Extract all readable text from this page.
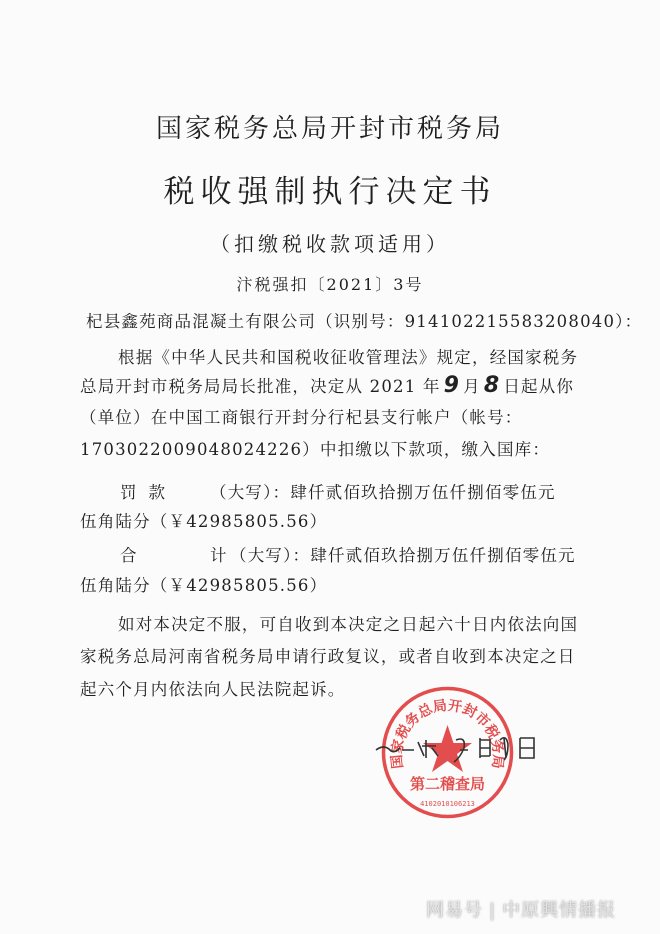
国家税务总局开封市税务局
税收强制执行决定书
（扣缴税收款项适用）
汴税强扣〔2021〕3号
杞县鑫苑商品混凝土有限公司（识别号：914102215583208040）：
根据《中华人民共和国税收征收管理法》规定，经国家税务
总局开封市税务局局长批准，决定从 2021 年 9 月 8 日起从你
（单位）在中国工商银行开封分行杞县支行帐户（帐号：
1703022009048024226）中扣缴以下款项，缴入国库：
罚款 （大写）：肆仟贰佰玖拾捌万伍仟捌佰零伍元
伍角陆分（￥42985805.56）
合	计 （大写）：肆仟贰佰玖拾捌万伍仟捌佰零伍元
伍角陆分（￥42985805.56）
如对本决定不服，可自收到本决定之日起六十日内依法向国
家税务总局河南省税务局申请行政复议，或者自收到本决定之日
起六个月内依法向人民法院起诉。
国家税务总局开封市税务局
第二稽查局
4102010106213
网易号 | 中原興情播报
